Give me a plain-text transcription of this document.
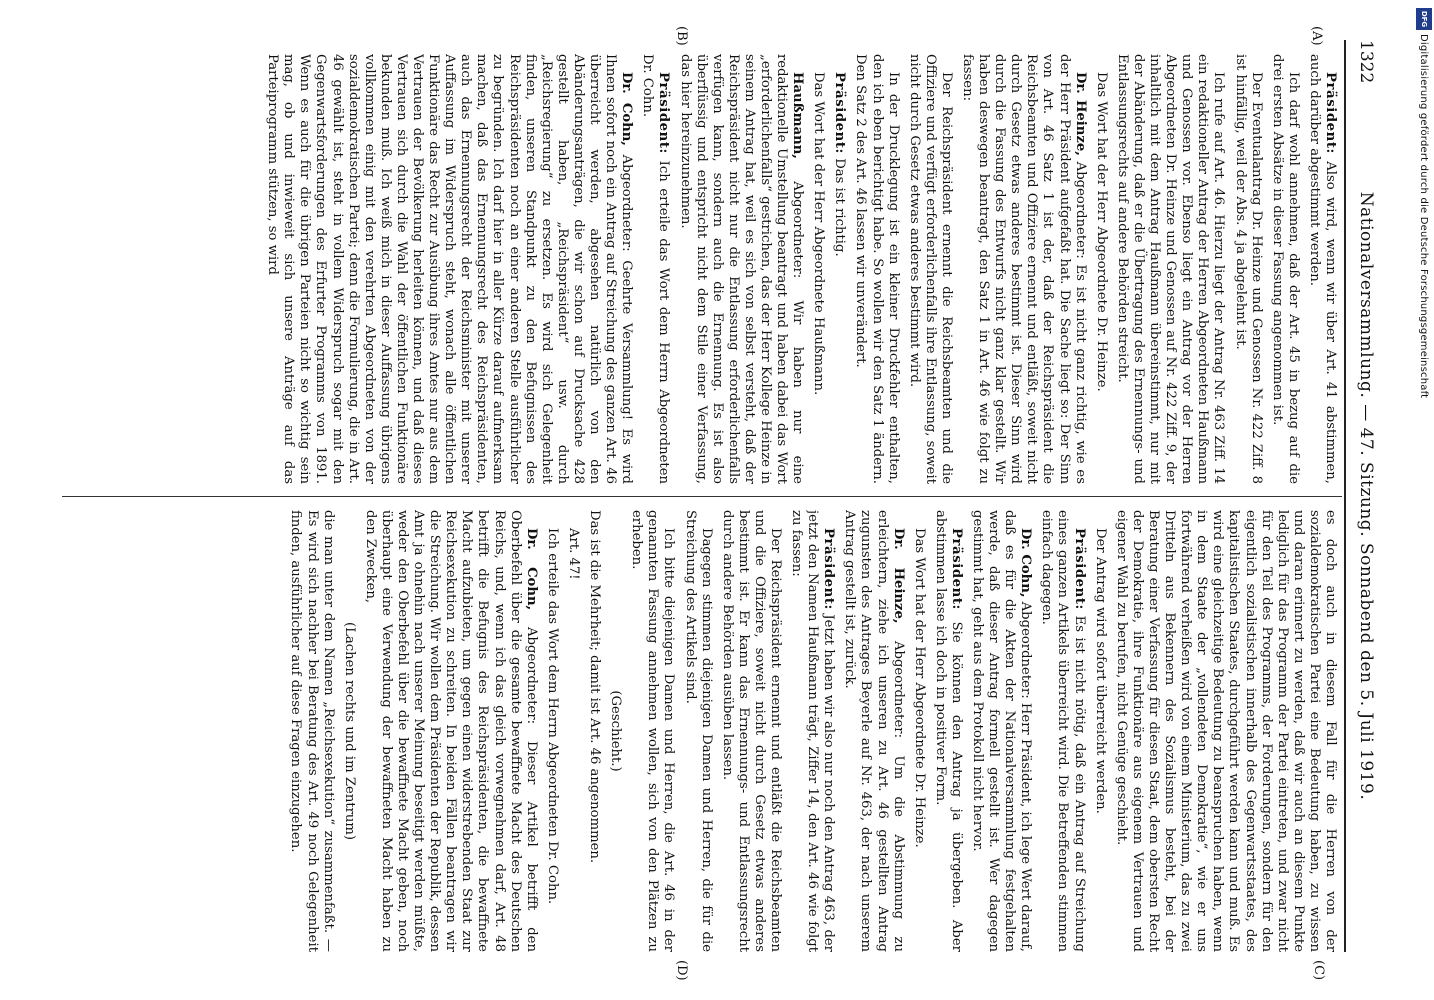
DFG
Digitalisierung gefördert durch die Deutsche Forschungsgemeinschaft
1322
Nationalversammlung. — 47. Sitzung. Sonnabend den 5. Juli 1919.
(A)
(B)
(C)
(D)

Präsident: Also wird, wenn wir über Art. 41 abstimmen, auch darüber abgestimmt werden.

Ich darf wohl annehmen, daß der Art. 45 in bezug auf die drei ersten Absätze in dieser Fassung angenommen ist.

Der Eventualantrag Dr. Heinze und Genossen Nr. 422 Ziff. 8 ist hinfällig, weil der Abs. 4 ja abgelehnt ist.

Ich rufe auf Art. 46. Hierzu liegt der Antrag Nr. 463 Ziff. 14 ein redaktioneller Antrag der Herren Abgeordneten Haußmann und Genossen vor. Ebenso liegt ein Antrag vor der Herren Abgeordneten Dr. Heinze und Genossen auf Nr. 422 Ziff. 9, der inhaltlich mit dem Antrag Haußmann übereinstimmt, nur mit der Abänderung, daß er die Übertragung des Ernennungs- und Entlassungsrechts auf andere Behörden streicht.

Das Wort hat der Herr Abgeordnete Dr. Heinze.

Dr. Heinze, Abgeordneter: Es ist nicht ganz richtig, wie es der Herr Präsident aufgefaßt hat. Die Sache liegt so: Der Sinn von Art. 46 Satz 1 ist der, daß der Reichspräsident die Reichsbeamten und Offiziere ernennt und entläßt, soweit nicht durch Gesetz etwas anderes bestimmt ist. Dieser Sinn wird durch die Fassung des Entwurfs nicht ganz klar gestellt. Wir haben deswegen beantragt, den Satz 1 in Art. 46 wie folgt zu fassen:

Der Reichspräsident ernennt die Reichsbeamten und die Offiziere und verfügt erforderlichenfalls ihre Entlassung, soweit nicht durch Gesetz etwas anderes bestimmt wird.

In der Drucklegung ist ein kleiner Druckfehler enthalten, den ich eben berichtigt habe. So wollen wir den Satz 1 ändern. Den Satz 2 des Art. 46 lassen wir unverändert.

Präsident: Das ist richtig.

Das Wort hat der Herr Abgeordnete Haußmann.

Haußmann, Abgeordneter: Wir haben nur eine redaktionelle Umstellung beantragt und haben dabei das Wort „erforderlichenfalls“ gestrichen, das der Herr Kollege Heinze in seinem Antrag hat, weil es sich von selbst versteht, daß der Reichspräsident nicht nur die Entlassung erforderlichenfalls verfügen kann, sondern auch die Ernennung. Es ist also überflüssig und entspricht nicht dem Stile einer Verfassung, das hier hereinzunehmen.

Präsident: Ich erteile das Wort dem Herrn Abgeordneten Dr. Cohn.

Dr. Cohn, Abgeordneter: Geehrte Versammlung! Es wird Ihnen sofort noch ein Antrag auf Streichung des ganzen Art. 46 überreicht werden, abgesehen natürlich von den Abänderungsanträgen, die wir schon auf Drucksache 428 gestellt haben, „Reichspräsident“ usw. durch „Reichsregierung“ zu ersetzen. Es wird sich Gelegenheit finden, unseren Standpunkt zu den Befugnissen des Reichspräsidenten noch an einer anderen Stelle ausführlicher zu begründen. Ich darf hier in aller Kürze darauf aufmerksam machen, daß das Ernennungsrecht des Reichspräsidenten, auch das Ernennungsrecht der Reichsminister mit unserer Auffassung im Widerspruch steht, wonach alle öffentlichen Funktionäre das Recht zur Ausübung ihres Amtes nur aus dem Vertrauen der Bevölkerung herleiten können, und daß dieses Vertrauen sich durch die Wahl der öffentlichen Funktionäre bekunden muß. Ich weiß mich in dieser Auffassung übrigens vollkommen einig mit den verehrten Abgeordneten von der sozialdemokratischen Partei; denn die Formulierung, die in Art. 46 gewählt ist, steht in vollem Widerspruch sogar mit den Gegenwartsforderungen des Erfurter Programms von 1891. Wenn es auch für die übrigen Parteien nicht so wichtig sein mag, ob und inwieweit sich unsere Anträge auf das Parteiprogramm stützen, so wird

es doch auch in diesem Fall für die Herren von der sozialdemokratischen Partei eine Bedeutung haben, zu wissen und daran erinnert zu werden, daß wir auch an diesem Punkte lediglich für das Programm der Partei eintreten, und zwar nicht für den Teil des Programms, der Forderungen, sondern für den eigentlich sozialistischen innerhalb des Gegenwartsstaates, des kapitalistischen Staates, durchgeführt werden kann und muß. Es wird eine gleichzeitige Bedeutung zu beanspruchen haben, wenn in dem Staate der „vollendeten Demokratie“, wie er uns fortwährend verheißen wird von einem Ministerium, das zu zwei Dritteln aus Bekennern des Sozialismus besteht, bei der Beratung einer Verfassung für diesen Staat, dem obersten Recht der Demokratie, ihre Funktionäre aus eigenem Vertrauen und eigener Wahl zu berufen, nicht Genüge geschieht.

Der Antrag wird sofort überreicht werden.

Präsident: Es ist nicht nötig, daß ein Antrag auf Streichung eines ganzen Artikels überreicht wird. Die Betreffenden stimmen einfach dagegen.

Dr. Cohn, Abgeordneter: Herr Präsident, ich lege Wert darauf, daß es für die Akten der Nationalversammlung festgehalten werde, daß dieser Antrag formell gestellt ist. Wer dagegen gestimmt hat, geht aus dem Protokoll nicht hervor.

Präsident: Sie können den Antrag ja übergeben. Aber abstimmen lasse ich doch in positiver Form.

Das Wort hat der Herr Abgeordnete Dr. Heinze.

Dr. Heinze, Abgeordneter: Um die Abstimmung zu erleichtern, ziehe ich unseren zu Art. 46 gestellten Antrag zugunsten des Antrages Beyerle auf Nr. 463, der nach unserem Antrag gestellt ist, zurück.

Präsident: Jetzt haben wir also nur noch den Antrag 463, der jetzt den Namen Haußmann trägt, Ziffer 14, den Art. 46 wie folgt zu fassen:

Der Reichspräsident ernennt und entläßt die Reichsbeamten und die Offiziere, soweit nicht durch Gesetz etwas anderes bestimmt ist. Er kann das Ernennungs- und Entlassungsrecht durch andere Behörden ausüben lassen.

Dagegen stimmen diejenigen Damen und Herren, die für die Streichung des Artikels sind.

Ich bitte diejenigen Damen und Herren, die Art. 46 in der genannten Fassung annehmen wollen, sich von den Plätzen zu erheben.

(Geschieht.)

Das ist die Mehrheit; damit ist Art. 46 angenommen.

Art. 47!

Ich erteile das Wort dem Herrn Abgeordneten Dr. Cohn.

Dr. Cohn, Abgeordneter: Dieser Artikel betrifft den Oberbefehl über die gesamte bewaffnete Macht des Deutschen Reichs, und, wenn ich das gleich vorwegnehmen darf, Art. 48 betrifft die Befugnis des Reichspräsidenten, die bewaffnete Macht aufzubieten, um gegen einen widerstrebenden Staat zur Reichsexekution zu schreiten. In beiden Fällen beantragen wir die Streichung. Wir wollen dem Präsidenten der Republik, dessen Amt ja ohnehin nach unserer Meinung beseitigt werden müßte, weder den Oberbefehl über die bewaffnete Macht geben, noch überhaupt eine Verwendung der bewaffneten Macht haben zu den Zwecken,

(Lachen rechts und im Zentrum)

die man unter dem Namen „Reichsexekution“ zusammenfaßt. — Es wird sich nachher bei Beratung des Art. 49 noch Gelegenheit finden, ausführlicher auf diese Fragen einzugehen.
